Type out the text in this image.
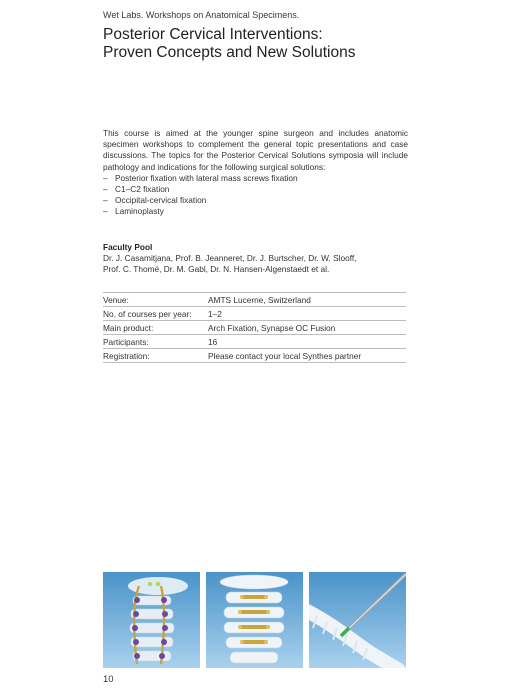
Wet Labs. Workshops on Anatomical Specimens.
Posterior Cervical Interventions:
Proven Concepts and New Solutions

This course is aimed at the younger spine surgeon and includes anatomic specimen workshops to complement the general topic presentations and case discussions. The topics for the Posterior Cervical Solutions symposia will include pathology and indications for the following surgical solutions:

– Posterior fixation with lateral mass screws fixation
– C1–C2 fixation
– Occipital-cervical fixation
– Laminoplasty
Faculty Pool

Dr. J. Casamitjana, Prof. B. Jeanneret, Dr. J. Burtscher, Dr. W. Slooff,

Prof. C. Thomé, Dr. M. Gabl, Dr. N. Hansen-Algenstaedt et al.

Venue:	AMTS Lucerne, Switzerland
No. of courses per year:	1–2
Main product:	Arch Fixation, Synapse OC Fusion
Participants:	16
Registration:	Please contact your local Synthes partner
10
